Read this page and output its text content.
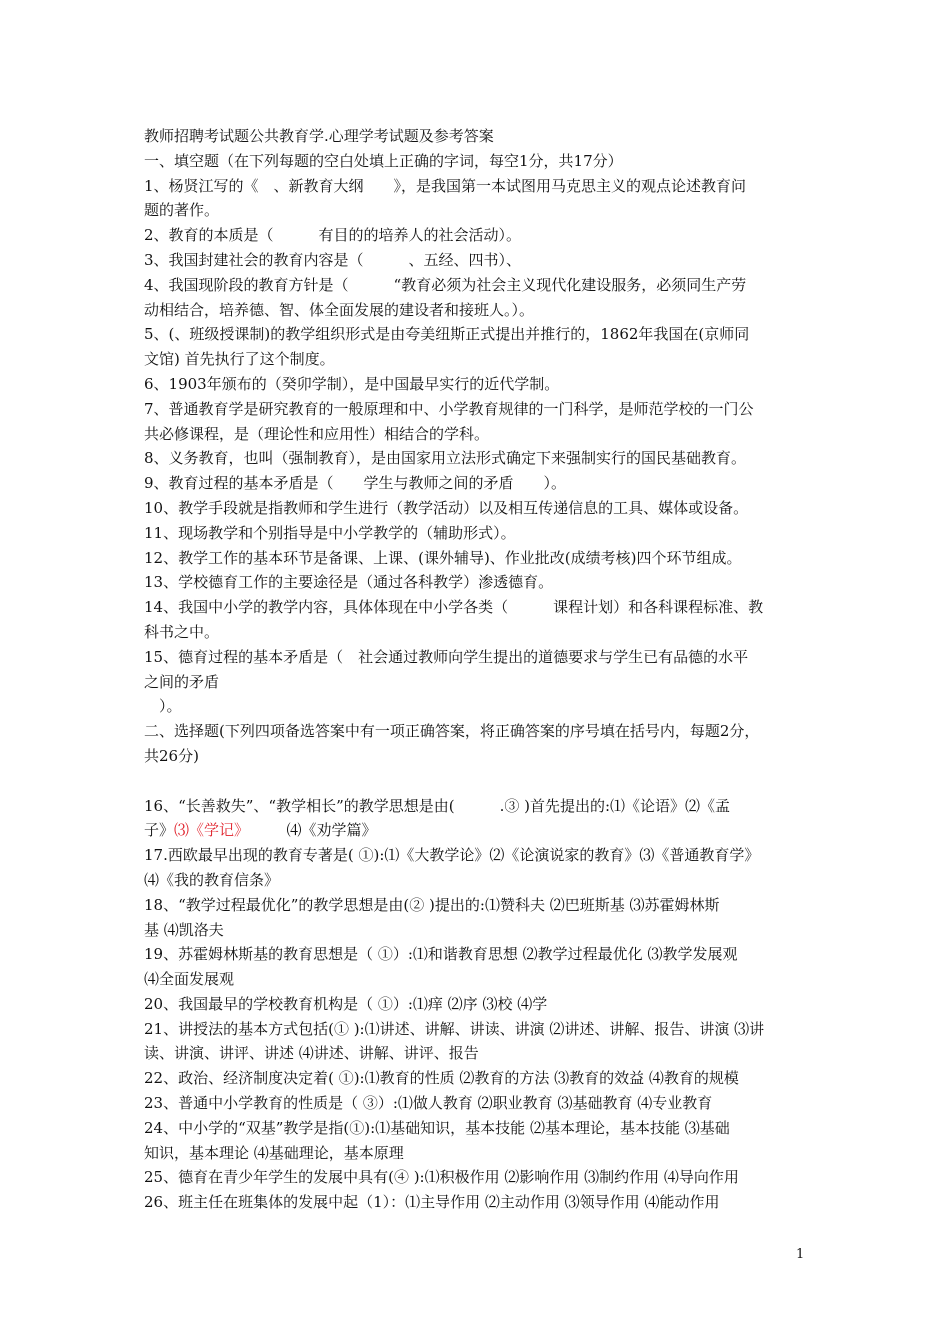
教师招聘考试题公共教育学.心理学考试题及参考答案
一、填空题（在下列每题的空白处填上正确的字词，每空1分，共17分）
1、杨贤江写的《　、新教育大纲　　》，是我国第一本试图用马克思主义的观点论述教育问
题的著作。
2、教育的本质是（　　　有目的的培养人的社会活动）。
3、我国封建社会的教育内容是（　　　、五经、四书）、
4、我国现阶段的教育方针是（　　　“教育必须为社会主义现代化建设服务，必须同生产劳
动相结合，培养德、智、体全面发展的建设者和接班人。）。
5、(、班级授课制)的教学组织形式是由夸美纽斯正式提出并推行的，1862年我国在(京师同
文馆) 首先执行了这个制度。
6、1903年颁布的（癸卯学制），是中国最早实行的近代学制。
7、普通教育学是研究教育的一般原理和中、小学教育规律的一门科学，是师范学校的一门公
共必修课程，是（理论性和应用性）相结合的学科。
8、义务教育，也叫（强制教育），是由国家用立法形式确定下来强制实行的国民基础教育。
9、教育过程的基本矛盾是（　　学生与教师之间的矛盾　　）。
10、教学手段就是指教师和学生进行（教学活动）以及相互传递信息的工具、媒体或设备。
11、现场教学和个别指导是中小学教学的（辅助形式）。
12、教学工作的基本环节是备课、上课、(课外辅导)、作业批改(成绩考核)四个环节组成。
13、学校德育工作的主要途径是（通过各科教学）渗透德育。
14、我国中小学的教学内容，具体体现在中小学各类（　　　课程计划）和各科课程标准、教
科书之中。
15、德育过程的基本矛盾是（　社会通过教师向学生提出的道德要求与学生已有品德的水平
之间的矛盾
　）。
二、选择题(下列四项备选答案中有一项正确答案，将正确答案的序号填在括号内，每题2分，
共26分)
16、“长善救失”、“教学相长”的教学思想是由(　　　.③ )首先提出的:⑴《论语》⑵《孟
子》⑶《学记》　　　⑷《劝学篇》
17.西欧最早出现的教育专著是( ①):⑴《大教学论》⑵《论演说家的教育》⑶《普通教育学》
⑷《我的教育信条》
18、“教学过程最优化”的教学思想是由(② )提出的:⑴赞科夫 ⑵巴班斯基 ⑶苏霍姆林斯
基 ⑷凯洛夫
19、苏霍姆林斯基的教育思想是（ ①）:⑴和谐教育思想 ⑵教学过程最优化 ⑶教学发展观
⑷全面发展观
20、我国最早的学校教育机构是（ ①）:⑴痒 ⑵序 ⑶校 ⑷学
21、讲授法的基本方式包括(① ):⑴讲述、讲解、讲读、讲演 ⑵讲述、讲解、报告、讲演 ⑶讲
读、讲演、讲评、讲述 ⑷讲述、讲解、讲评、报告
22、政治、经济制度决定着( ①):⑴教育的性质 ⑵教育的方法 ⑶教育的效益 ⑷教育的规模
23、普通中小学教育的性质是（ ③）:⑴做人教育 ⑵职业教育 ⑶基础教育 ⑷专业教育
24、中小学的“双基”教学是指(①):⑴基础知识，基本技能 ⑵基本理论，基本技能 ⑶基础
知识，基本理论 ⑷基础理论，基本原理
25、德育在青少年学生的发展中具有(④ ):⑴积极作用 ⑵影响作用 ⑶制约作用 ⑷导向作用
26、班主任在班集体的发展中起（1）：⑴主导作用 ⑵主动作用 ⑶领导作用 ⑷能动作用
1
